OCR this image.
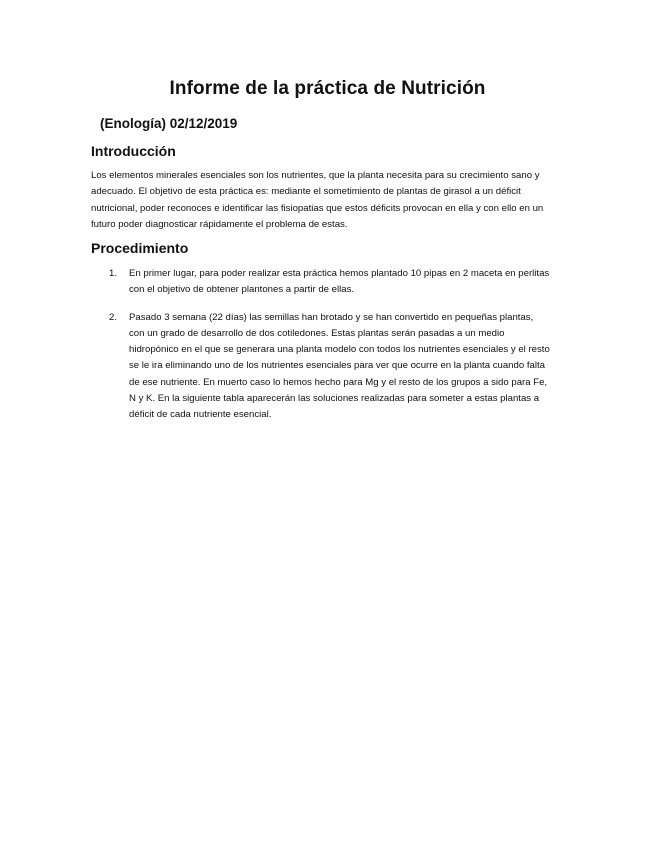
Informe de la práctica de Nutrición
(Enología) 02/12/2019
Introducción
Los elementos minerales esenciales son los nutrientes, que la planta necesita para su crecimiento sano y adecuado. El objetivo de esta práctica es: mediante el sometimiento de plantas de girasol a un déficit nutricional, poder reconoces e identificar las fisiopatias que estos déficits provocan en ella y con ello en un futuro poder diagnosticar rápidamente el problema de estas.
Procedimiento
1. En primer lugar, para poder realizar esta práctica hemos plantado 10 pipas en 2 maceta en perlitas con el objetivo de obtener plantones a partir de ellas.
2. Pasado 3 semana (22 días) las semillas han brotado y se han convertido en pequeñas plantas, con un grado de desarrollo de dos cotiledones. Estas plantas serán pasadas a un medio hidropónico en el que se generara una planta modelo con todos los nutrientes esenciales y el resto se le ira eliminando uno de los nutrientes esenciales para ver que ocurre en la planta cuando falta de ese nutriente. En muerto caso lo hemos hecho para Mg y el resto de los grupos a sido para Fe, N y K. En la siguiente tabla aparecerán las soluciones realizadas para someter a estas plantas a déficit de cada nutriente esencial.
